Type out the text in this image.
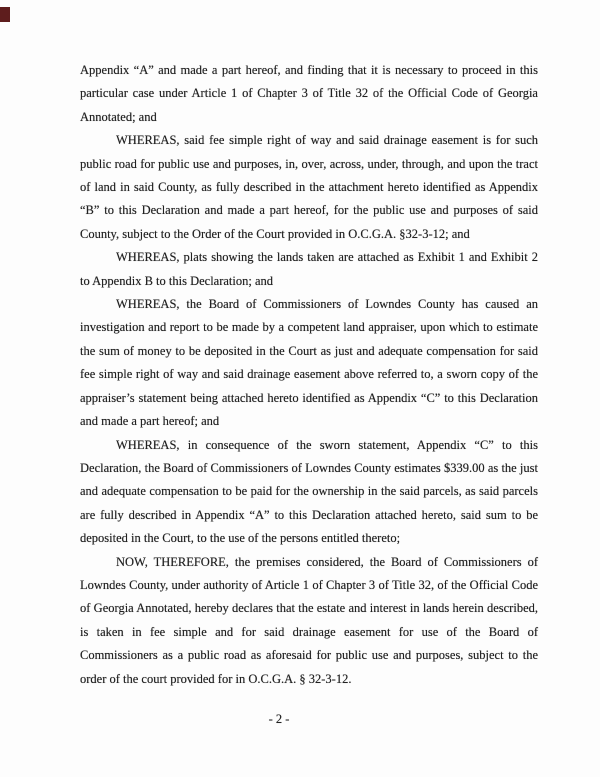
Appendix “A” and made a part hereof, and finding that it is necessary to proceed in this particular case under Article 1 of Chapter 3 of Title 32 of the Official Code of Georgia Annotated; and

WHEREAS, said fee simple right of way and said drainage easement is for such public road for public use and purposes, in, over, across, under, through, and upon the tract of land in said County, as fully described in the attachment hereto identified as Appendix “B” to this Declaration and made a part hereof, for the public use and purposes of said County, subject to the Order of the Court provided in O.C.G.A. §32-3-12; and

WHEREAS, plats showing the lands taken are attached as Exhibit 1 and Exhibit 2 to Appendix B to this Declaration; and

WHEREAS, the Board of Commissioners of Lowndes County has caused an investigation and report to be made by a competent land appraiser, upon which to estimate the sum of money to be deposited in the Court as just and adequate compensation for said fee simple right of way and said drainage easement above referred to, a sworn copy of the appraiser’s statement being attached hereto identified as Appendix “C” to this Declaration and made a part hereof; and

WHEREAS, in consequence of the sworn statement, Appendix “C” to this Declaration, the Board of Commissioners of Lowndes County estimates $339.00 as the just and adequate compensation to be paid for the ownership in the said parcels, as said parcels are fully described in Appendix “A” to this Declaration attached hereto, said sum to be deposited in the Court, to the use of the persons entitled thereto;

NOW, THEREFORE, the premises considered, the Board of Commissioners of Lowndes County, under authority of Article 1 of Chapter 3 of Title 32, of the Official Code of Georgia Annotated, hereby declares that the estate and interest in lands herein described, is taken in fee simple and for said drainage easement for use of the Board of Commissioners as a public road as aforesaid for public use and purposes, subject to the order of the court provided for in O.C.G.A. § 32-3-12.

- 2 -
